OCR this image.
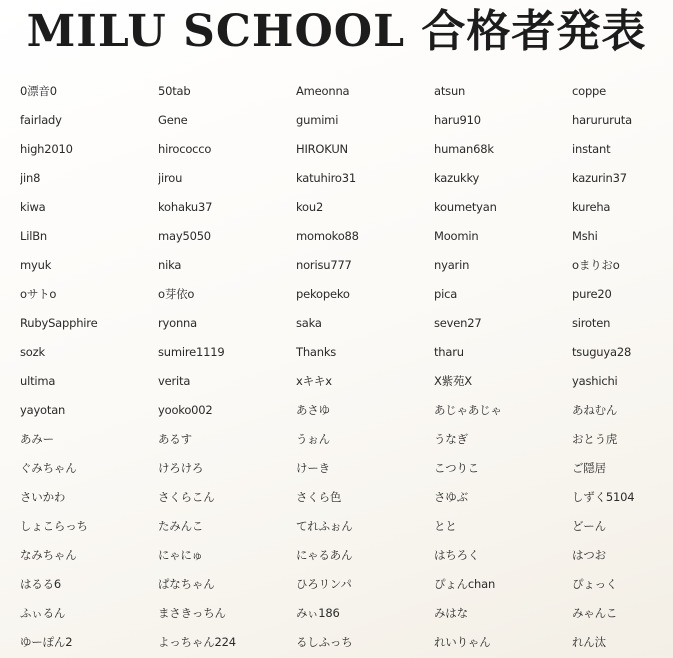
MILU SCHOOL 合格者発表
0漂音0	50tab	Ameonna	atsun	coppe
fairlady	Gene	gumimi	haru910	harururuta
high2010	hirococco	HIROKUN	human68k	instant
jin8	jirou	katuhiro31	kazukky	kazurin37
kiwa	kohaku37	kou2	koumetyan	kureha
LilBn	may5050	momoko88	Moomin	Mshi
myuk	nika	norisu777	nyarin	oまりおo
oサトo	o芽依o	pekopeko	pica	pure20
RubySapphire	ryonna	saka	seven27	siroten
sozk	sumire1119	Thanks	tharu	tsuguya28
ultima	verita	xキキx	X紫苑X	yashichi
yayotan	yooko002	あさゆ	あじゃあじゃ	あねむん
あみー	あるす	うぉん	うなぎ	おとう虎
ぐみちゃん	けろけろ	けーき	こつりこ	ご隠居
さいかわ	さくらこん	さくら色	さゆぶ	しずく5104
しょこらっち	たみんこ	てれふぉん	とと	どーん
なみちゃん	にゃにゅ	にゃるあん	はちろく	はつお
はるる6	ぱなちゃん	ひろリンパ	ぴょんchan	ぴょっく
ふぃるん	まさきっちん	みぃ186	みはな	みゃんこ
ゆーぽん2	よっちゃん224	るしふっち	れいりゃん	れん汰
